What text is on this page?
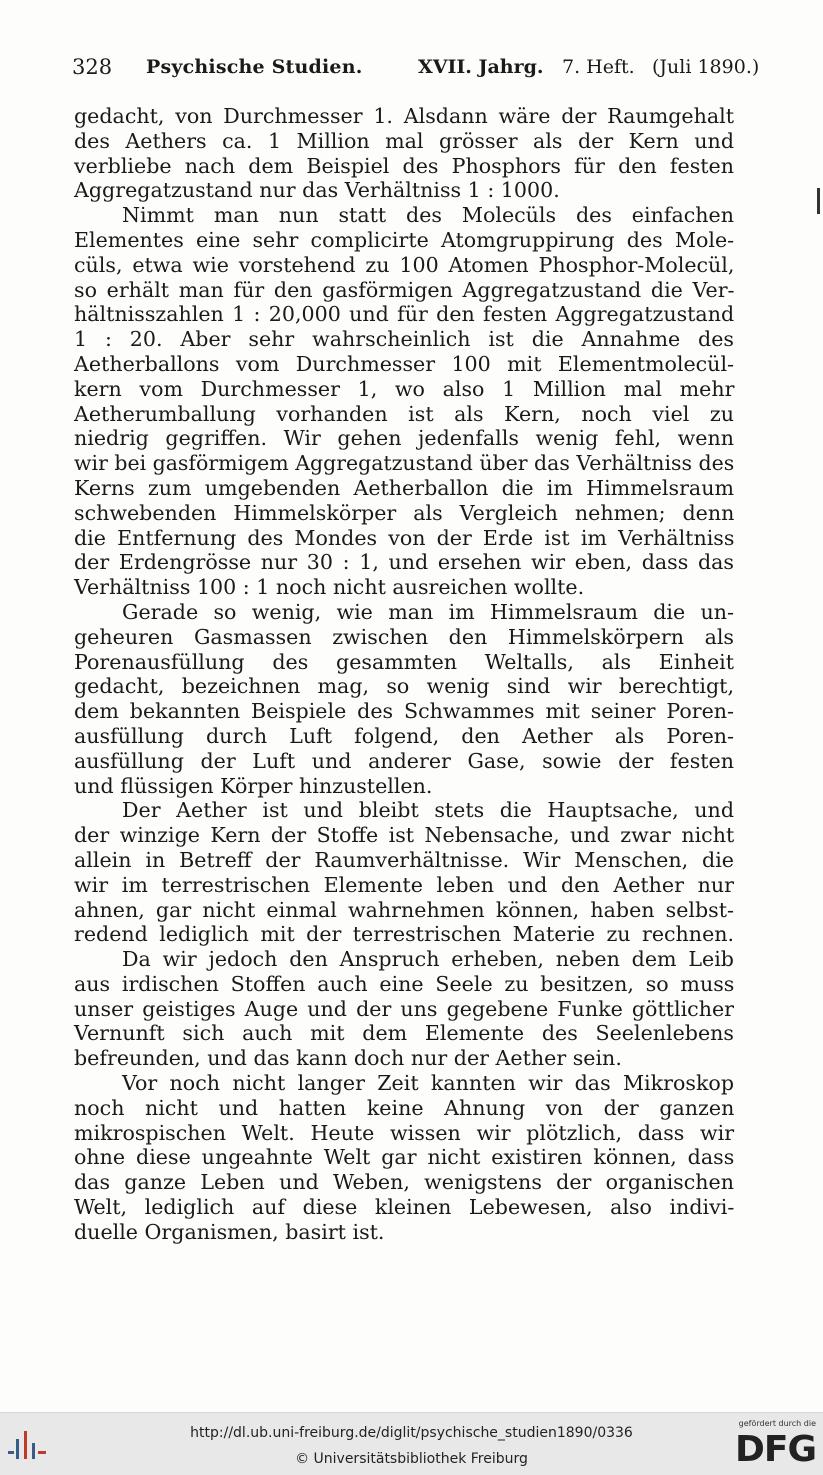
328 Psychische Studien.	XVII. Jahrg. 7. Heft. (Juli 1890.)
gedacht, von Durchmesser 1. Alsdann wäre der Raumgehalt
des Aethers ca. 1 Million mal grösser als der Kern und
verbliebe nach dem Beispiel des Phosphors für den festen
Aggregatzustand nur das Verhältniss 1 : 1000.
Nimmt man nun statt des Molecüls des einfachen
Elementes eine sehr complicirte Atomgruppirung des Mole-
cüls, etwa wie vorstehend zu 100 Atomen Phosphor-Molecül,
so erhält man für den gasförmigen Aggregatzustand die Ver-
hältnisszahlen 1 : 20,000 und für den festen Aggregatzustand
1 : 20. Aber sehr wahrscheinlich ist die Annahme des
Aetherballons vom Durchmesser 100 mit Elementmolecül-
kern vom Durchmesser 1, wo also 1 Million mal mehr
Aetherumballung vorhanden ist als Kern, noch viel zu
niedrig gegriffen. Wir gehen jedenfalls wenig fehl, wenn
wir bei gasförmigem Aggregatzustand über das Verhältniss des
Kerns zum umgebenden Aetherballon die im Himmelsraum
schwebenden Himmelskörper als Vergleich nehmen; denn
die Entfernung des Mondes von der Erde ist im Verhältniss
der Erdengrösse nur 30 : 1, und ersehen wir eben, dass das
Verhältniss 100 : 1 noch nicht ausreichen wollte.
Gerade so wenig, wie man im Himmelsraum die un-
geheuren Gasmassen zwischen den Himmelskörpern als
Porenausfüllung des gesammten Weltalls, als Einheit
gedacht, bezeichnen mag, so wenig sind wir berechtigt,
dem bekannten Beispiele des Schwammes mit seiner Poren-
ausfüllung durch Luft folgend, den Aether als Poren-
ausfüllung der Luft und anderer Gase, sowie der festen
und flüssigen Körper hinzustellen.
Der Aether ist und bleibt stets die Hauptsache, und
der winzige Kern der Stoffe ist Nebensache, und zwar nicht
allein in Betreff der Raumverhältnisse. Wir Menschen, die
wir im terrestrischen Elemente leben und den Aether nur
ahnen, gar nicht einmal wahrnehmen können, haben selbst-
redend lediglich mit der terrestrischen Materie zu rechnen.
Da wir jedoch den Anspruch erheben, neben dem Leib
aus irdischen Stoffen auch eine Seele zu besitzen, so muss
unser geistiges Auge und der uns gegebene Funke göttlicher
Vernunft sich auch mit dem Elemente des Seelenlebens
befreunden, und das kann doch nur der Aether sein.
Vor noch nicht langer Zeit kannten wir das Mikroskop
noch nicht und hatten keine Ahnung von der ganzen
mikrospischen Welt. Heute wissen wir plötzlich, dass wir
ohne diese ungeahnte Welt gar nicht existiren können, dass
das ganze Leben und Weben, wenigstens der organischen
Welt, lediglich auf diese kleinen Lebewesen, also indivi-
duelle Organismen, basirt ist.
http://dl.ub.uni-freiburg.de/diglit/psychische_studien1890/0336
© Universitätsbibliothek Freiburg
gefördert durch die
DFG
